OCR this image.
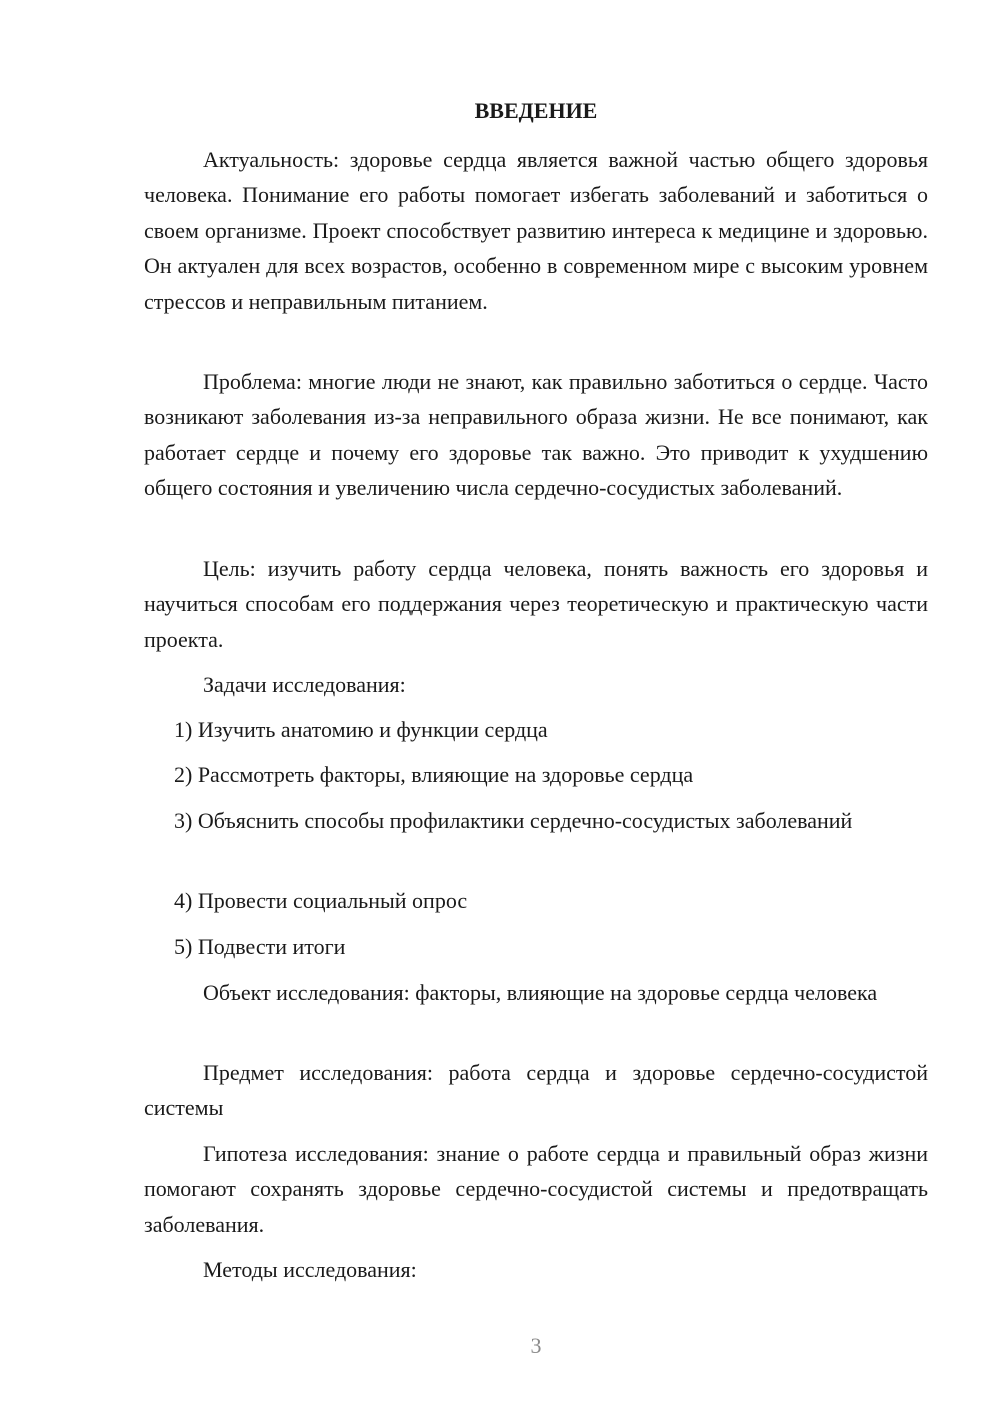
ВВЕДЕНИЕ

Актуальность: здоровье сердца является важной частью общего здоровья человека. Понимание его работы помогает избегать заболеваний и заботиться о своем организме. Проект способствует развитию интереса к медицине и здоровью. Он актуален для всех возрастов, особенно в современном мире с высоким уровнем стрессов и неправильным питанием.

Проблема: многие люди не знают, как правильно заботиться о сердце. Часто возникают заболевания из-за неправильного образа жизни. Не все понимают, как работает сердце и почему его здоровье так важно. Это приводит к ухудшению общего состояния и увеличению числа сердечно-сосудистых заболеваний.

Цель: изучить работу сердца человека, понять важность его здоровья и научиться способам его поддержания через теоретическую и практическую части проекта.

Задачи исследования:

1) Изучить анатомию и функции сердца

2) Рассмотреть факторы, влияющие на здоровье сердца

3) Объяснить способы профилактики сердечно-сосудистых заболеваний

4) Провести социальный опрос

5) Подвести итоги

Объект исследования: факторы, влияющие на здоровье сердца человека

Предмет исследования: работа сердца и здоровье сердечно-сосудистой системы

Гипотеза исследования: знание о работе сердца и правильный образ жизни помогают сохранять здоровье сердечно-сосудистой системы и предотвращать заболевания.

Методы исследования:

3
